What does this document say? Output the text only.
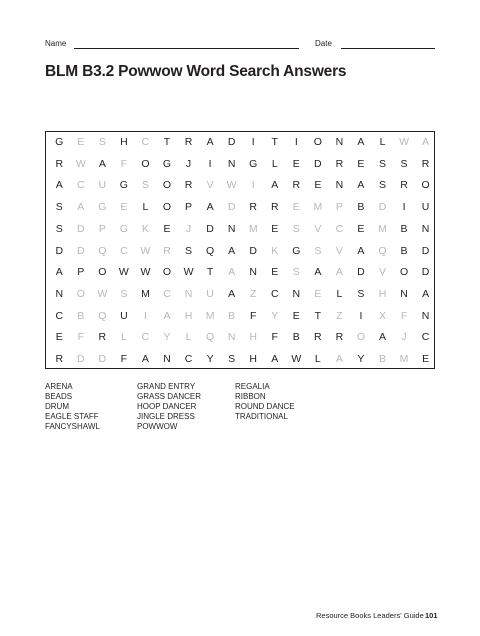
Name	Date
BLM B3.2 Powwow Word Search Answers
G	E	S	H	C	T	R	A	D	I	T	I	O	N	A	L	W	A
R	W	A	F	O	G	J	I	N	G	L	E	D	R	E	S	S	R
A	C	U	G	S	O	R	V	W	I	A	R	E	N	A	S	R	O
S	A	G	E	L	O	P	A	D	R	R	E	M	P	B	D	I	U
S	D	P	G	K	E	J	D	N	M	E	S	V	C	E	M	B	N
D	D	Q	C	W	R	S	Q	A	D	K	G	S	V	A	Q	B	D
A	P	O	W	W	O	W	T	A	N	E	S	A	A	D	V	O	D
N	O	W	S	M	C	N	U	A	Z	C	N	E	L	S	H	N	A
C	B	Q	U	I	A	H	M	B	F	Y	E	T	Z	I	X	F	N
E	F	R	L	C	Y	L	Q	N	H	F	B	R	R	O	A	J	C
R	D	D	F	A	N	C	Y	S	H	A	W	L	A	Y	B	M	E
ARENA
BEADS
DRUM
EAGLE STAFF
FANCYSHAWL
GRAND ENTRY
GRASS DANCER
HOOP DANCER
JINGLE DRESS
POWWOW
REGALIA
RIBBON
ROUND DANCE
TRADITIONAL
Resource Books Leaders' Guide 101
